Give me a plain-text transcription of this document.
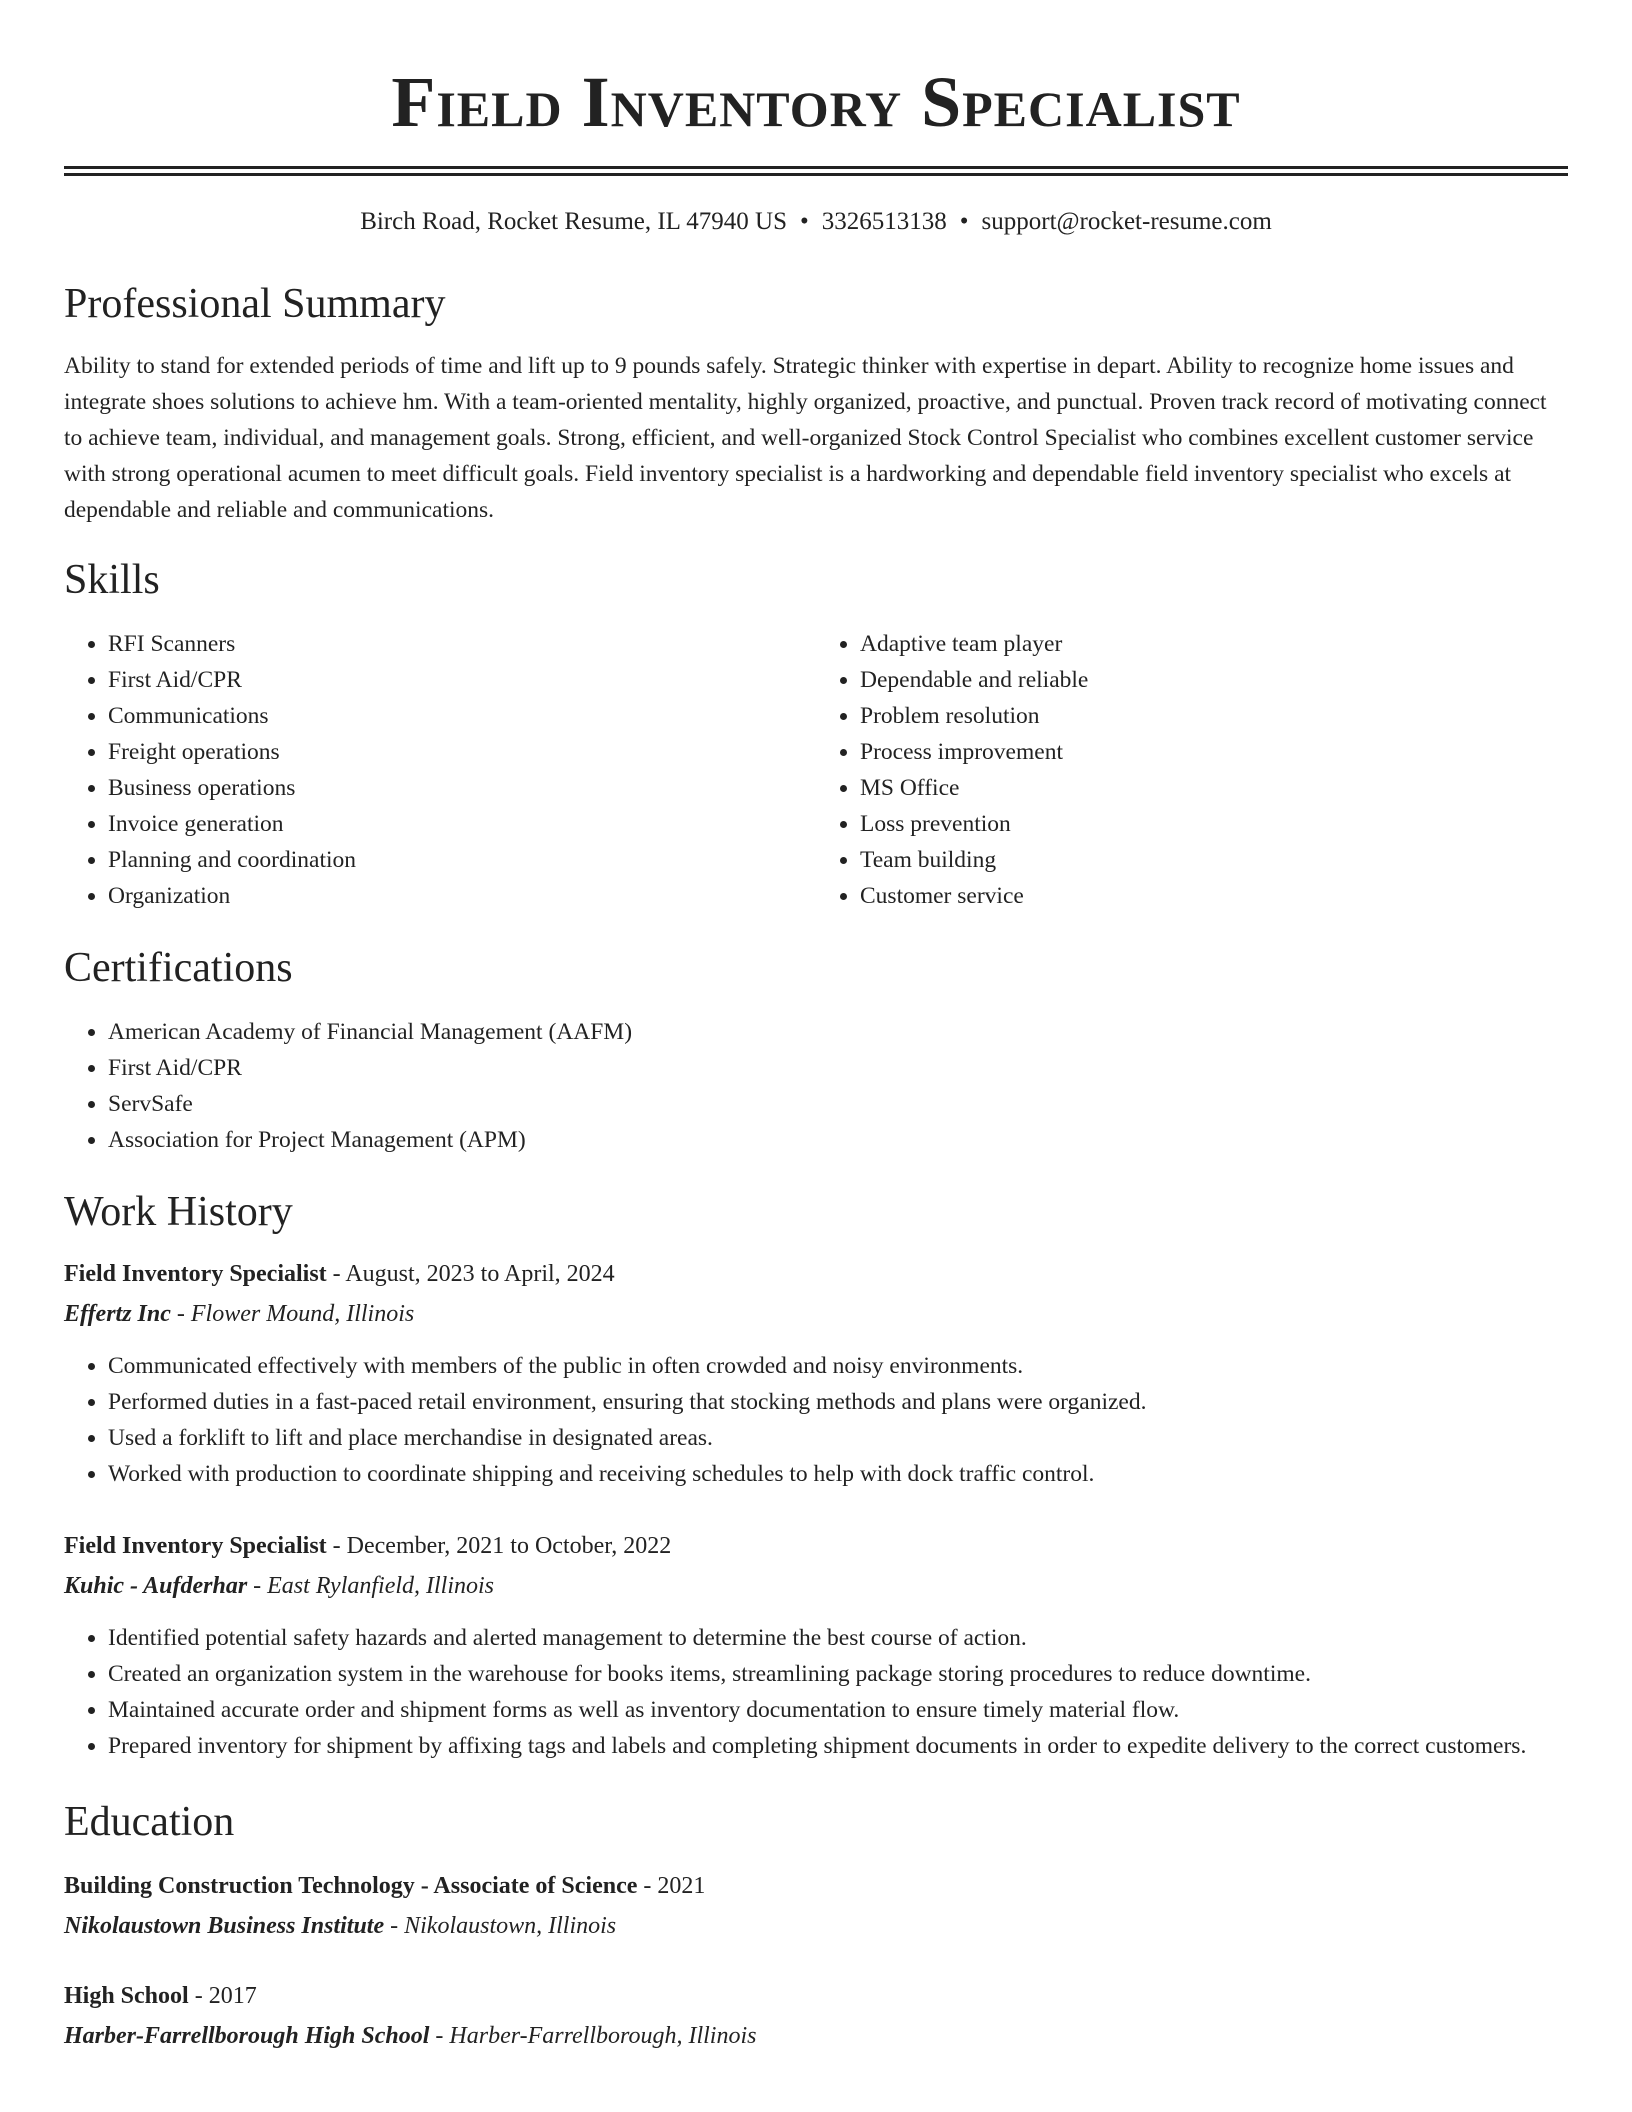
Field Inventory Specialist
Birch Road, Rocket Resume, IL 47940 US • 3326513138 • support@rocket-resume.com
Professional Summary

Ability to stand for extended periods of time and lift up to 9 pounds safely. Strategic thinker with expertise in depart. Ability to recognize home issues and integrate shoes solutions to achieve hm. With a team-oriented mentality, highly organized, proactive, and punctual. Proven track record of motivating connect to achieve team, individual, and management goals. Strong, efficient, and well-organized Stock Control Specialist who combines excellent customer service with strong operational acumen to meet difficult goals. Field inventory specialist is a hardworking and dependable field inventory specialist who excels at dependable and reliable and communications.

Skills
• RFI Scanners
• First Aid/CPR
• Communications
• Freight operations
• Business operations
• Invoice generation
• Planning and coordination
• Organization
• Adaptive team player
• Dependable and reliable
• Problem resolution
• Process improvement
• MS Office
• Loss prevention
• Team building
• Customer service
Certifications
• American Academy of Financial Management (AAFM)
• First Aid/CPR
• ServSafe
• Association for Project Management (APM)
Work History
Field Inventory Specialist - August, 2023 to April, 2024
Effertz Inc - Flower Mound, Illinois
• Communicated effectively with members of the public in often crowded and noisy environments.
• Performed duties in a fast-paced retail environment, ensuring that stocking methods and plans were organized.
• Used a forklift to lift and place merchandise in designated areas.
• Worked with production to coordinate shipping and receiving schedules to help with dock traffic control.
Field Inventory Specialist - December, 2021 to October, 2022
Kuhic - Aufderhar - East Rylanfield, Illinois
• Identified potential safety hazards and alerted management to determine the best course of action.
• Created an organization system in the warehouse for books items, streamlining package storing procedures to reduce downtime.
• Maintained accurate order and shipment forms as well as inventory documentation to ensure timely material flow.
• Prepared inventory for shipment by affixing tags and labels and completing shipment documents in order to expedite delivery to the correct customers.
Education
Building Construction Technology - Associate of Science - 2021
Nikolaustown Business Institute - Nikolaustown, Illinois
High School - 2017
Harber-Farrellborough High School - Harber-Farrellborough, Illinois
